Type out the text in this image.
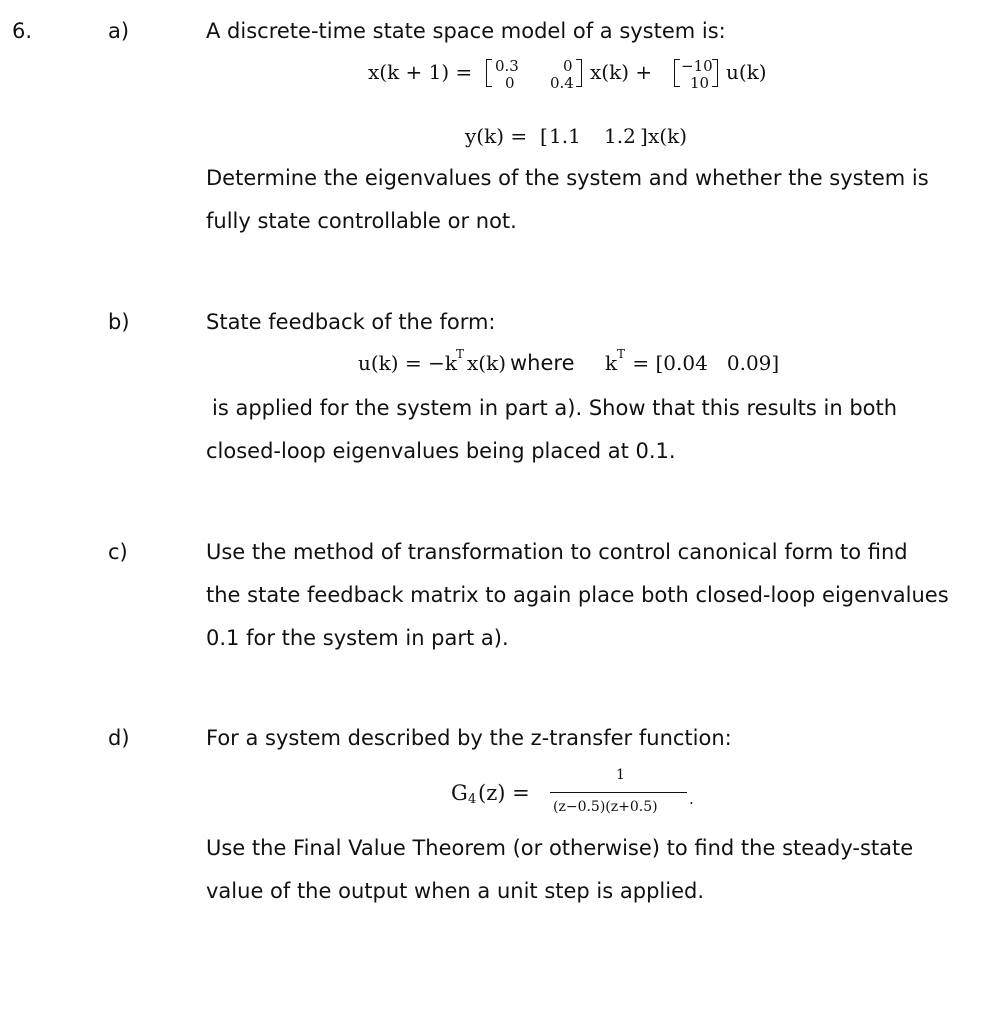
6.	a)	A discrete-time state space model of a system is:
x(k + 1) = 0.3	0
0 0.4 x(k) + −10
10 u(k)
y(k) = [ 1.1 1.2 ] x(k)
Determine the eigenvalues of the system and whether the system is
fully state controllable or not.
b)	State feedback of the form:
u(k) = −k T x(k) where k T = [0.04   0.09]
is applied for the system in part a). Show that this results in both
closed-loop eigenvalues being placed at 0.1.
c)	Use the method of transformation to control canonical form to find
the state feedback matrix to again place both closed-loop eigenvalues
0.1 for the system in part a).
d)	For a system described by the z-transfer function:
G 4 (z) =
1
(z−0.5)(z+0.5) .
Use the Final Value Theorem (or otherwise) to find the steady-state
value of the output when a unit step is applied.
